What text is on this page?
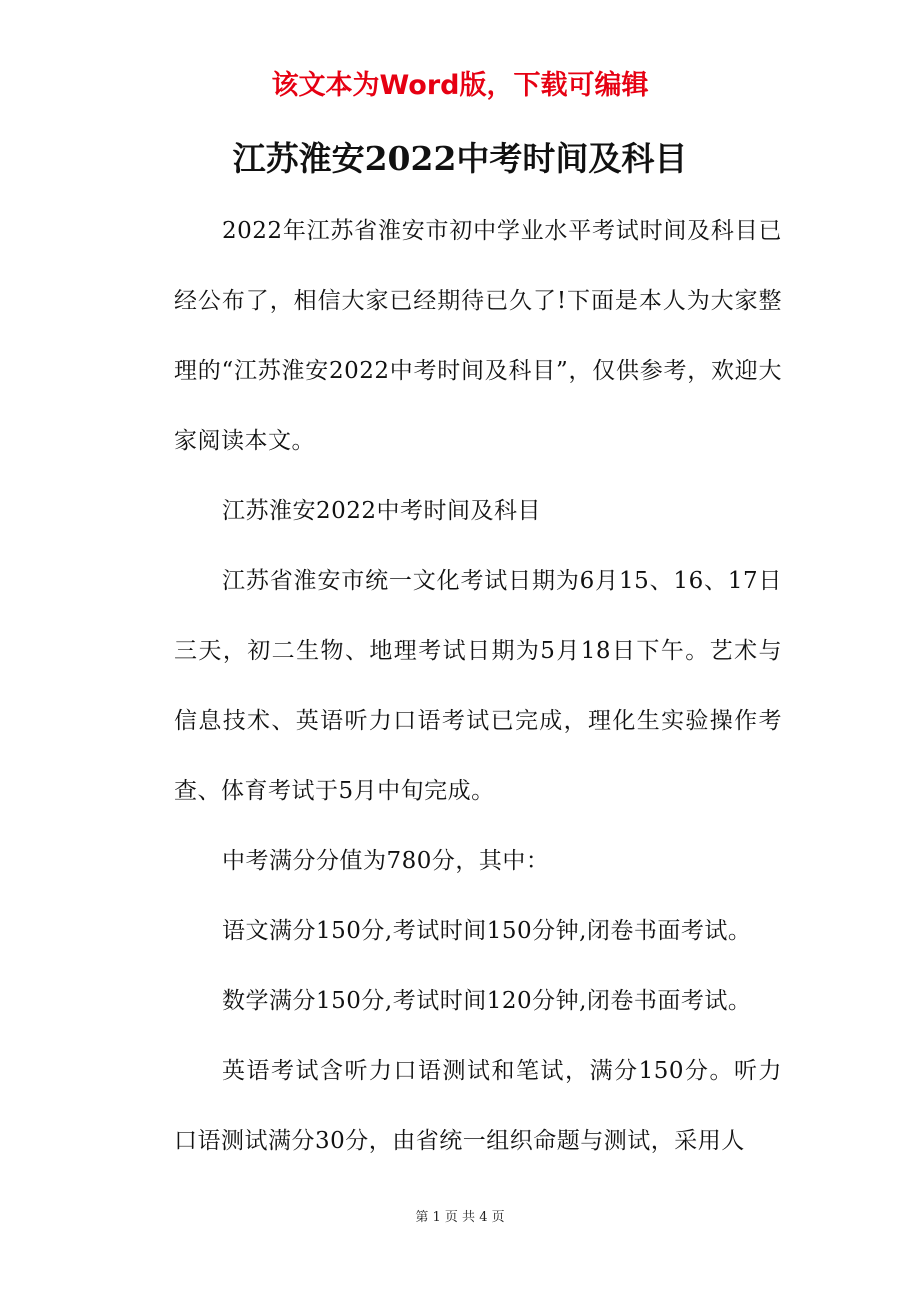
该文本为Word版，下载可编辑
江苏淮安2022中考时间及科目

2022年江苏省淮安市初中学业水平考试时间及科目已经公布了，相信大家已经期待已久了!下面是本人为大家整理的“江苏淮安2022中考时间及科目”，仅供参考，欢迎大家阅读本文。

江苏淮安2022中考时间及科目

江苏省淮安市统一文化考试日期为6月15、16、17日三天，初二生物、地理考试日期为5月18日下午。艺术与信息技术、英语听力口语考试已完成，理化生实验操作考查、体育考试于5月中旬完成。

中考满分分值为780分，其中：

语文满分150分,考试时间150分钟,闭卷书面考试。

数学满分150分,考试时间120分钟,闭卷书面考试。

英语考试含听力口语测试和笔试，满分150分。听力口语测试满分30分，由省统一组织命题与测试，采用人

第 1 页 共 4 页
